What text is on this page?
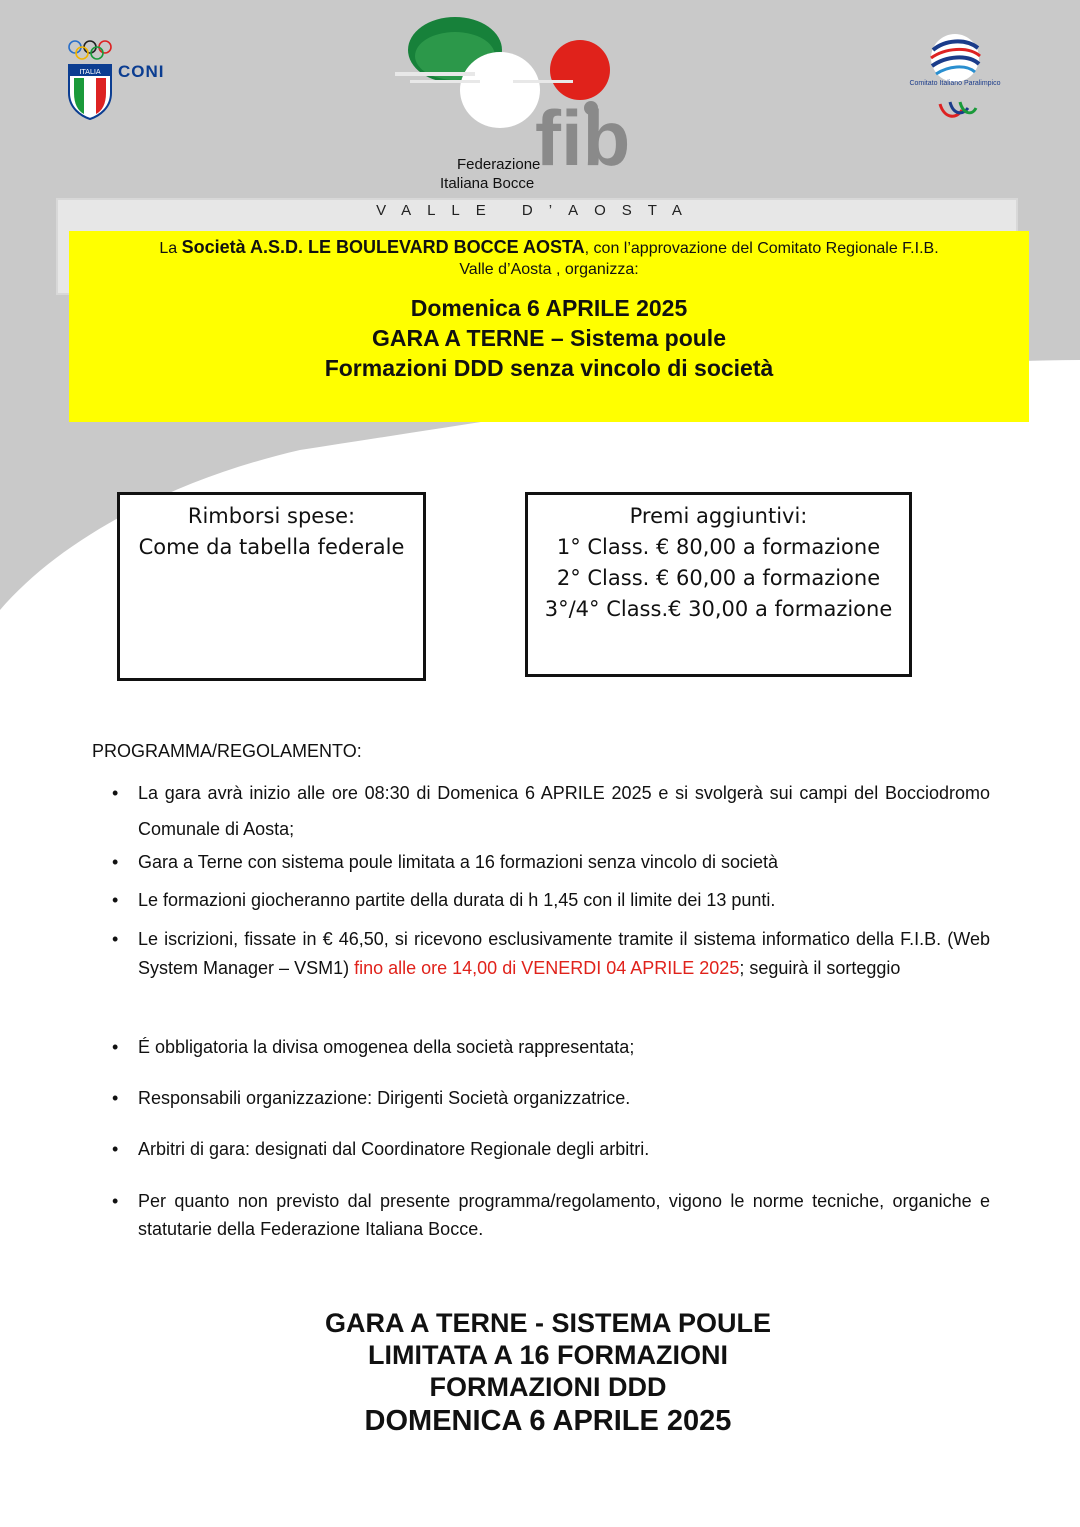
ITALIA CONI
fib
Federazione
Italiana Bocce
Comitato Italiano Paralimpico
VALLE D’AOSTA
La Società A.S.D. LE BOULEVARD BOCCE AOSTA, con l’approvazione del Comitato Regionale F.I.B.
Valle d’Aosta , organizza:
Domenica 6 APRILE 2025
GARA A TERNE – Sistema poule
Formazioni DDD senza vincolo di società
Rimborsi spese:
Come da tabella federale
Premi aggiuntivi:
1° Class. € 80,00 a formazione
2° Class. € 60,00 a formazione
3°/4° Class.€ 30,00 a formazione
PROGRAMMA/REGOLAMENTO:
• La gara avrà inizio alle ore 08:30 di Domenica 6 APRILE 2025 e si svolgerà sui campi del Bocciodromo Comunale di Aosta;
• Gara a Terne con sistema poule limitata a 16 formazioni senza vincolo di società
• Le formazioni giocheranno partite della durata di h 1,45 con il limite dei 13 punti.
• Le iscrizioni, fissate in € 46,50, si ricevono esclusivamente tramite il sistema informatico della F.I.B. (Web System Manager – VSM1) fino alle ore 14,00 di VENERDI 04 APRILE 2025; seguirà il sorteggio
• É obbligatoria la divisa omogenea della società rappresentata;
• Responsabili organizzazione: Dirigenti Società organizzatrice.
• Arbitri di gara: designati dal Coordinatore Regionale degli arbitri.
• Per quanto non previsto dal presente programma/regolamento, vigono le norme tecniche, organiche e statutarie della Federazione Italiana Bocce.
GARA A TERNE - SISTEMA POULE
LIMITATA A 16 FORMAZIONI
FORMAZIONI DDD
DOMENICA 6 APRILE 2025
